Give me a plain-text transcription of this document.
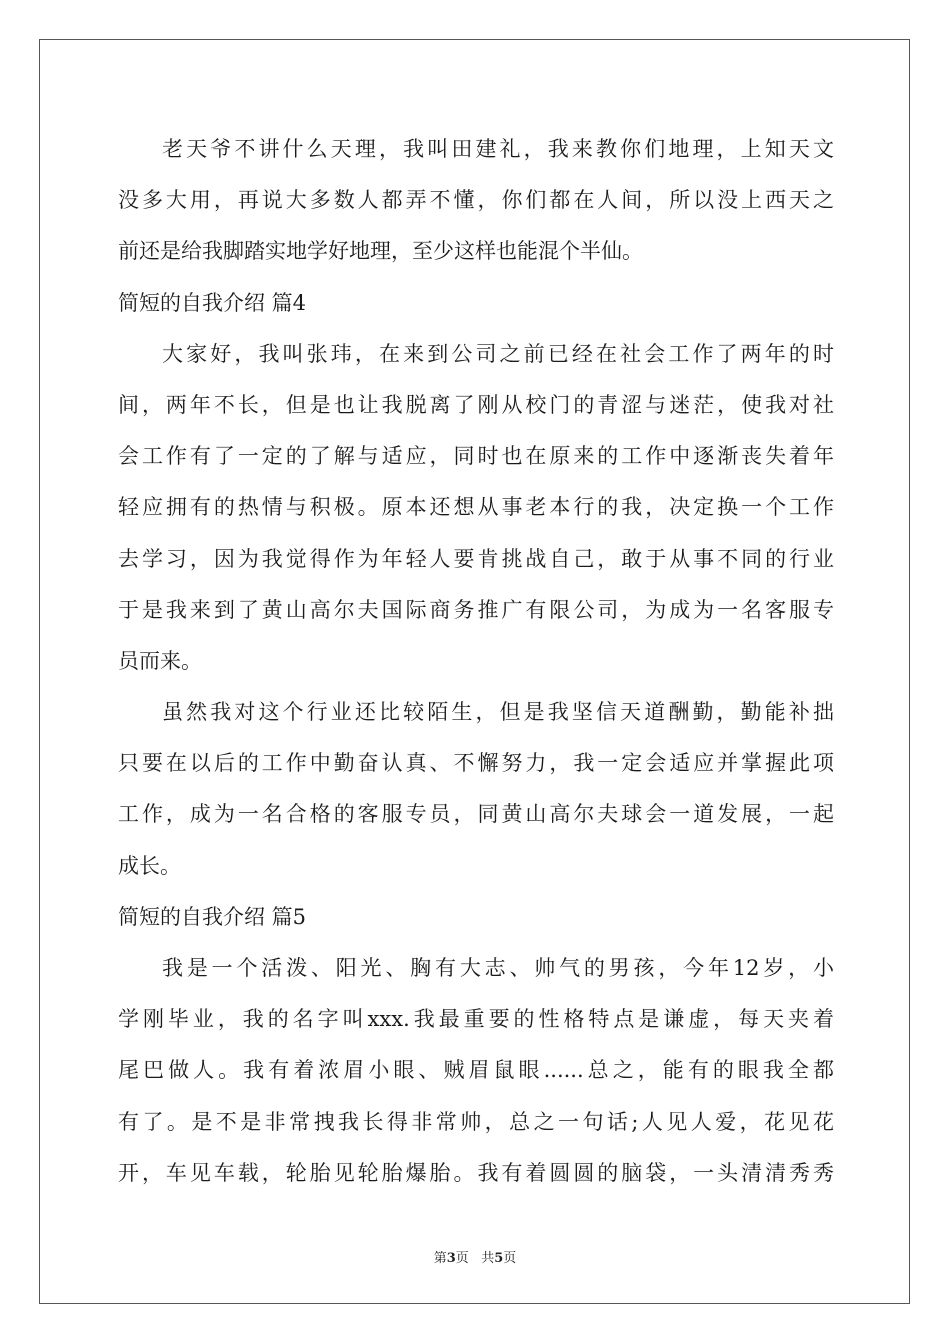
老天爷不讲什么天理，我叫田建礼，我来教你们地理，上知天文
没多大用，再说大多数人都弄不懂，你们都在人间，所以没上西天之
前还是给我脚踏实地学好地理，至少这样也能混个半仙。
简短的自我介绍 篇4
大家好，我叫张玮，在来到公司之前已经在社会工作了两年的时
间，两年不长，但是也让我脱离了刚从校门的青涩与迷茫，使我对社
会工作有了一定的了解与适应，同时也在原来的工作中逐渐丧失着年
轻应拥有的热情与积极。原本还想从事老本行的我，决定换一个工作
去学习，因为我觉得作为年轻人要肯挑战自己，敢于从事不同的行业
于是我来到了黄山高尔夫国际商务推广有限公司，为成为一名客服专
员而来。
虽然我对这个行业还比较陌生，但是我坚信天道酬勤，勤能补拙
只要在以后的工作中勤奋认真、不懈努力，我一定会适应并掌握此项
工作，成为一名合格的客服专员，同黄山高尔夫球会一道发展，一起
成长。
简短的自我介绍 篇5
我是一个活泼、阳光、胸有大志、帅气的男孩，今年12岁，小
学刚毕业，我的名字叫xxx.我最重要的性格特点是谦虚，每天夹着
尾巴做人。我有着浓眉小眼、贼眉鼠眼......总之，能有的眼我全都
有了。是不是非常拽我长得非常帅，总之一句话;人见人爱，花见花
开，车见车载，轮胎见轮胎爆胎。我有着圆圆的脑袋，一头清清秀秀
第3页 共5页
